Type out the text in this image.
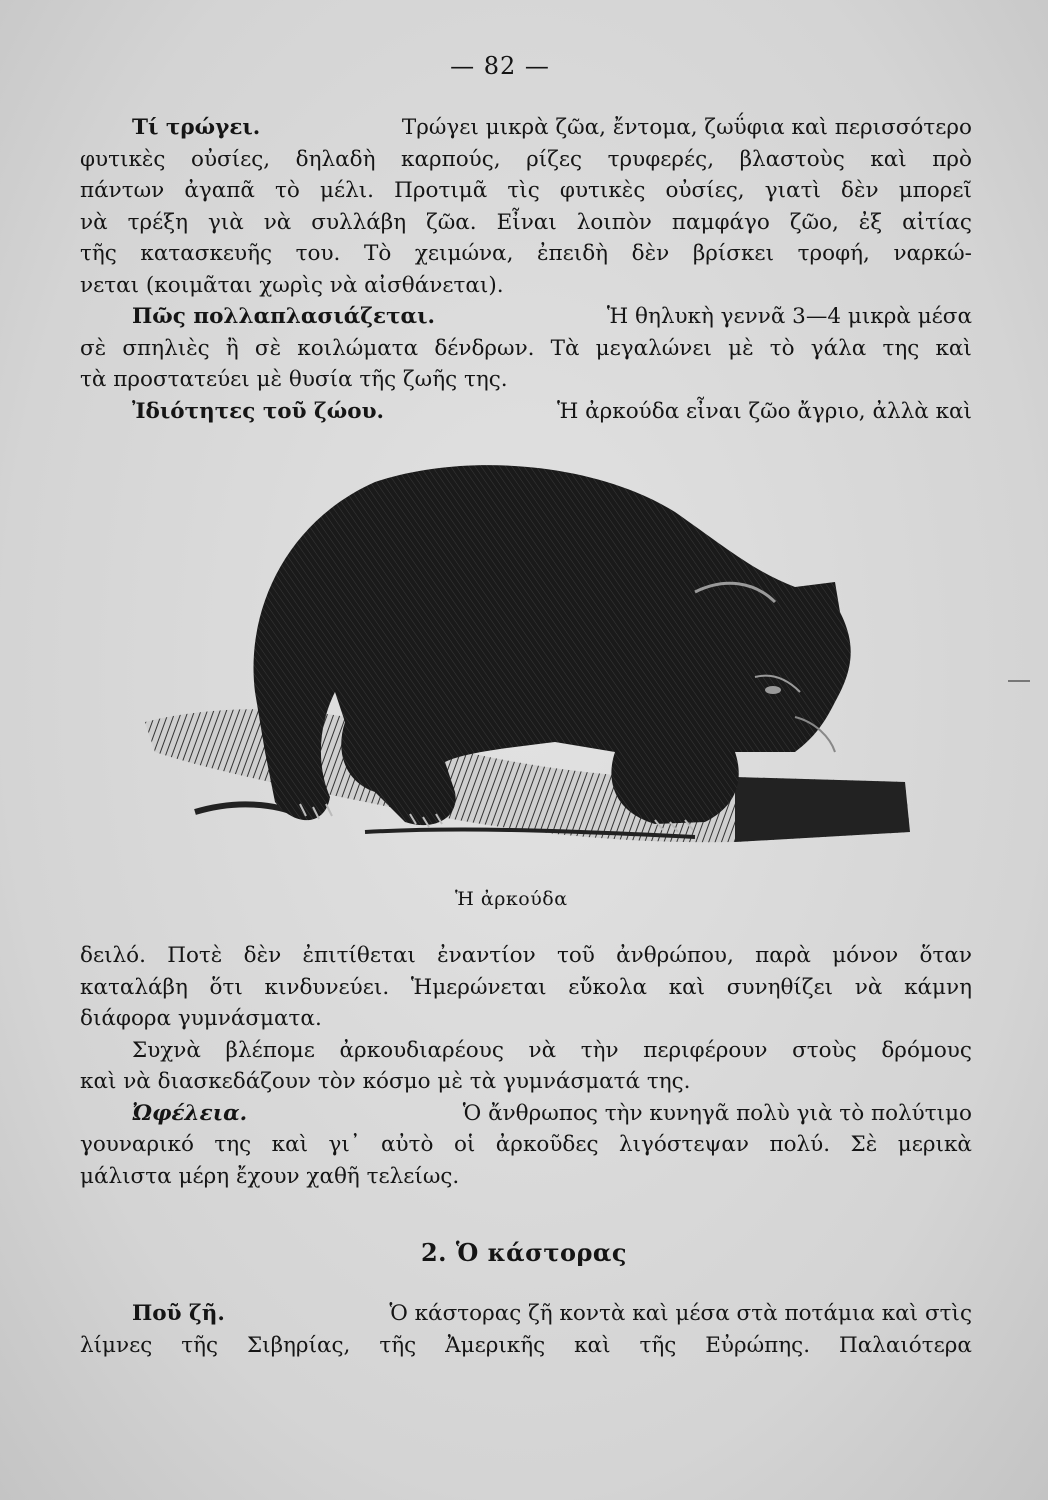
— 82 —
Τί τρώγει.	Τρώγει μικρὰ ζῶα, ἔντομα, ζωΰφια καὶ περισσότερο
φυτικὲς οὐσίες, δηλαδὴ καρπούς, ρίζες τρυφερές, βλαστοὺς καὶ πρὸ
πάντων ἀγαπᾶ τὸ μέλι. Προτιμᾶ τὶς φυτικὲς οὐσίες, γιατὶ δὲν μπορεῖ
νὰ τρέξη γιὰ νὰ συλλάβη ζῶα. Εἶναι λοιπὸν παμφάγο ζῶο, ἐξ αἰτίας
τῆς κατασκευῆς του. Τὸ χειμώνα, ἐπειδὴ δὲν βρίσκει τροφή, ναρκώ-
νεται (κοιμᾶται χωρὶς νὰ αἰσθάνεται).
Πῶς πολλαπλασιάζεται.	Ἡ θηλυκὴ γεννᾶ 3—4 μικρὰ μέσα
σὲ σπηλιὲς ἢ σὲ κοιλώματα δένδρων. Τὰ μεγαλώνει μὲ τὸ γάλα της καὶ
τὰ προστατεύει μὲ θυσία τῆς ζωῆς της.
Ἰδιότητες τοῦ ζώου.	Ἡ ἀρκούδα εἶναι ζῶο ἄγριο, ἀλλὰ καὶ
Ἡ ἀρκούδα
δειλό. Ποτὲ δὲν ἐπιτίθεται ἐναντίον τοῦ ἀνθρώπου, παρὰ μόνον ὅταν
καταλάβη ὅτι κινδυνεύει. Ἡμερώνεται εὔκολα καὶ συνηθίζει νὰ κάμνη
διάφορα γυμνάσματα.
Συχνὰ βλέπομε ἀρκουδιαρέους νὰ τὴν περιφέρουν στοὺς δρόμους
καὶ νὰ διασκεδάζουν τὸν κόσμο μὲ τὰ γυμνάσματά της.
Ὠφέλεια.	Ὁ ἄνθρωπος τὴν κυνηγᾶ πολὺ γιὰ τὸ πολύτιμο
γουναρικό της καὶ γι᾿ αὐτὸ οἱ ἀρκοῦδες λιγόστεψαν πολύ. Σὲ μερικὰ
μάλιστα μέρη ἔχουν χαθῆ τελείως.
2. Ὁ κάστορας
Ποῦ ζῆ.	Ὁ κάστορας ζῆ κοντὰ καὶ μέσα στὰ ποτάμια καὶ στὶς
λίμνες τῆς Σιβηρίας, τῆς Ἀμερικῆς καὶ τῆς Εὐρώπης. Παλαιότερα
